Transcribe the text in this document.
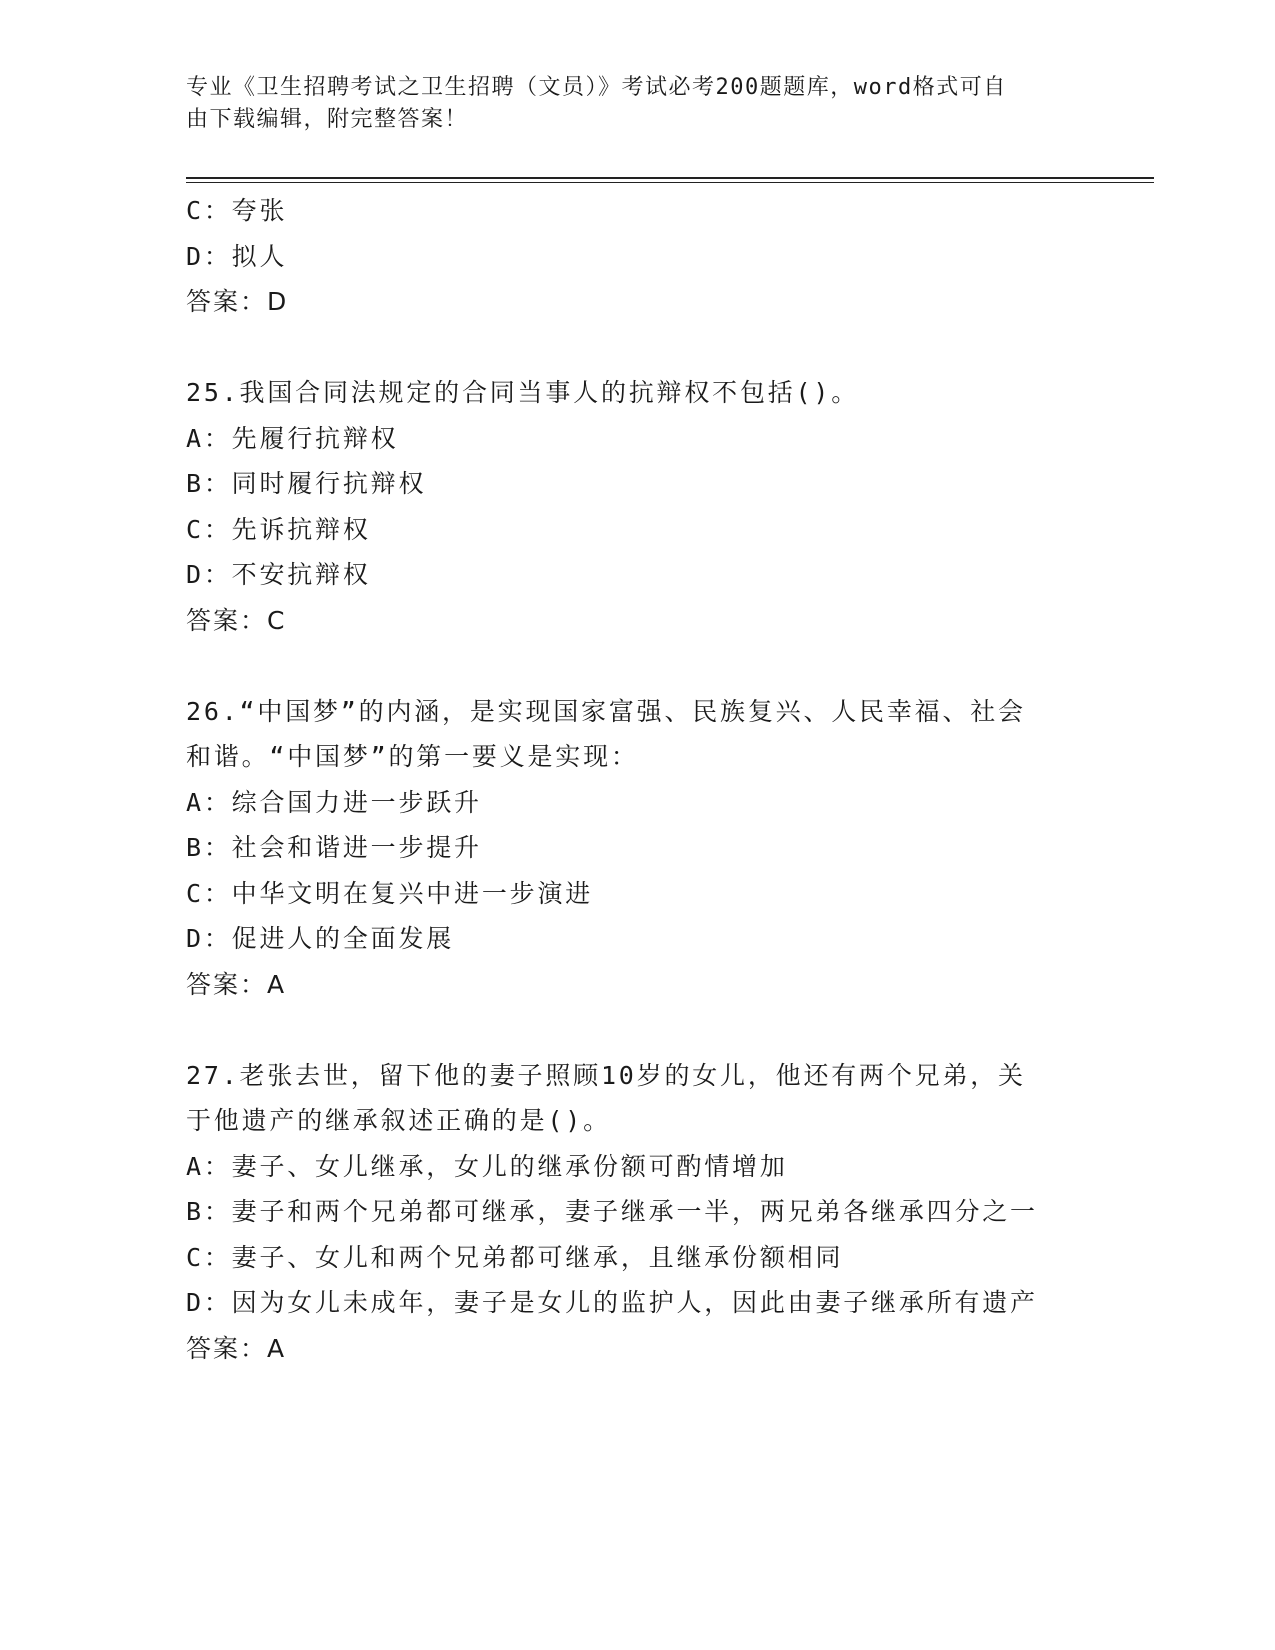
专业《卫生招聘考试之卫生招聘（文员）》考试必考200题题库，word格式可自
由下载编辑，附完整答案！
C：夸张
D：拟人
答案：D
25.我国合同法规定的合同当事人的抗辩权不包括()。
A：先履行抗辩权
B：同时履行抗辩权
C：先诉抗辩权
D：不安抗辩权
答案：C
26.“中国梦”的内涵，是实现国家富强、民族复兴、人民幸福、社会
和谐。“中国梦”的第一要义是实现：
A：综合国力进一步跃升
B：社会和谐进一步提升
C：中华文明在复兴中进一步演进
D：促进人的全面发展
答案：A
27.老张去世，留下他的妻子照顾10岁的女儿，他还有两个兄弟，关
于他遗产的继承叙述正确的是()。
A：妻子、女儿继承，女儿的继承份额可酌情增加
B：妻子和两个兄弟都可继承，妻子继承一半，两兄弟各继承四分之一
C：妻子、女儿和两个兄弟都可继承，且继承份额相同
D：因为女儿未成年，妻子是女儿的监护人，因此由妻子继承所有遗产
答案：A
